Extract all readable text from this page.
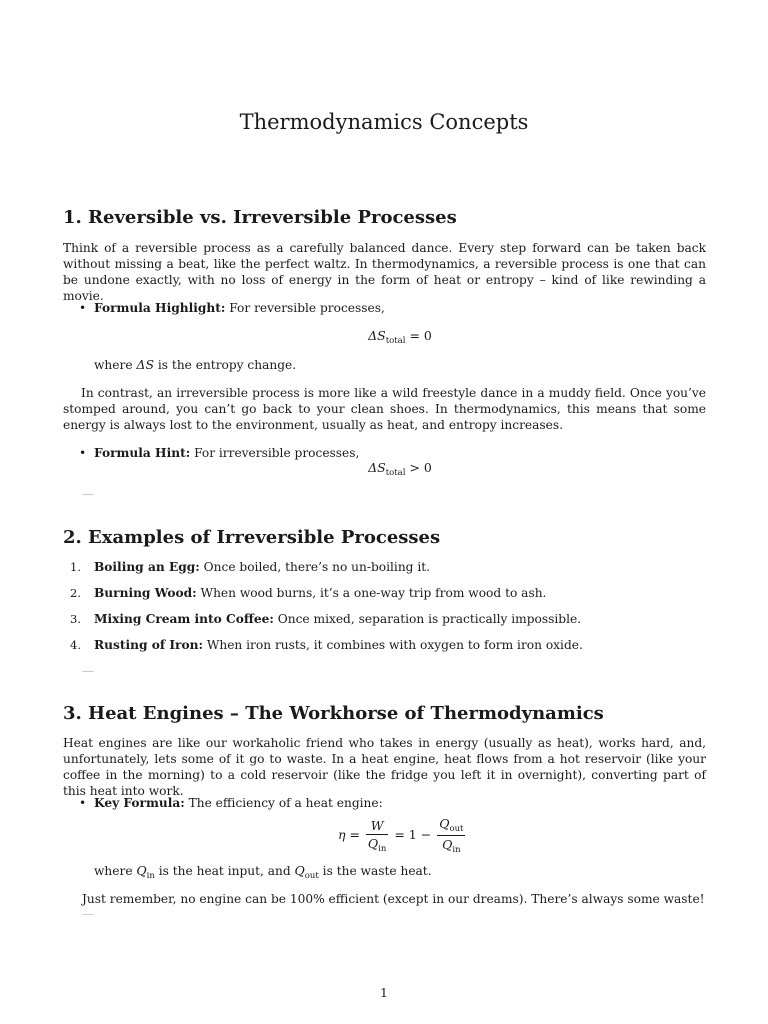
Thermodynamics Concepts
1. Reversible vs. Irreversible Processes
Think of a reversible process as a carefully balanced dance. Every step forward can be taken back without missing a beat, like the perfect waltz. In thermodynamics, a reversible process is one that can be undone exactly, with no loss of energy in the form of heat or entropy – kind of like rewinding a movie.
• Formula Highlight: For reversible processes,
$\Delta S_{total} = 0$
where ΔS is the entropy change.
In contrast, an irreversible process is more like a wild freestyle dance in a muddy field. Once you’ve stomped around, you can’t go back to your clean shoes. In thermodynamics, this means that some energy is always lost to the environment, usually as heat, and entropy increases.
• Formula Hint: For irreversible processes,
$\Delta S_{total} > 0$
—
2. Examples of Irreversible Processes
1. Boiling an Egg: Once boiled, there’s no un-boiling it.
2. Burning Wood: When wood burns, it’s a one-way trip from wood to ash.
3. Mixing Cream into Coffee: Once mixed, separation is practically impossible.
4. Rusting of Iron: When iron rusts, it combines with oxygen to form iron oxide.
—
3. Heat Engines – The Workhorse of Thermodynamics
Heat engines are like our workaholic friend who takes in energy (usually as heat), works hard, and, unfortunately, lets some of it go to waste. In a heat engine, heat flows from a hot reservoir (like your coffee in the morning) to a cold reservoir (like the fridge you left it in overnight), converting part of this heat into work.
• Key Formula: The efficiency of a heat engine:
$\eta = \frac{W}{Q_{in}} = 1 - \frac{Q_{out}}{Q_{in}}$
where $Q_{in}$ is the heat input, and $Q_{out}$ is the waste heat.
Just remember, no engine can be 100% efficient (except in our dreams). There’s always some waste!
—
1
